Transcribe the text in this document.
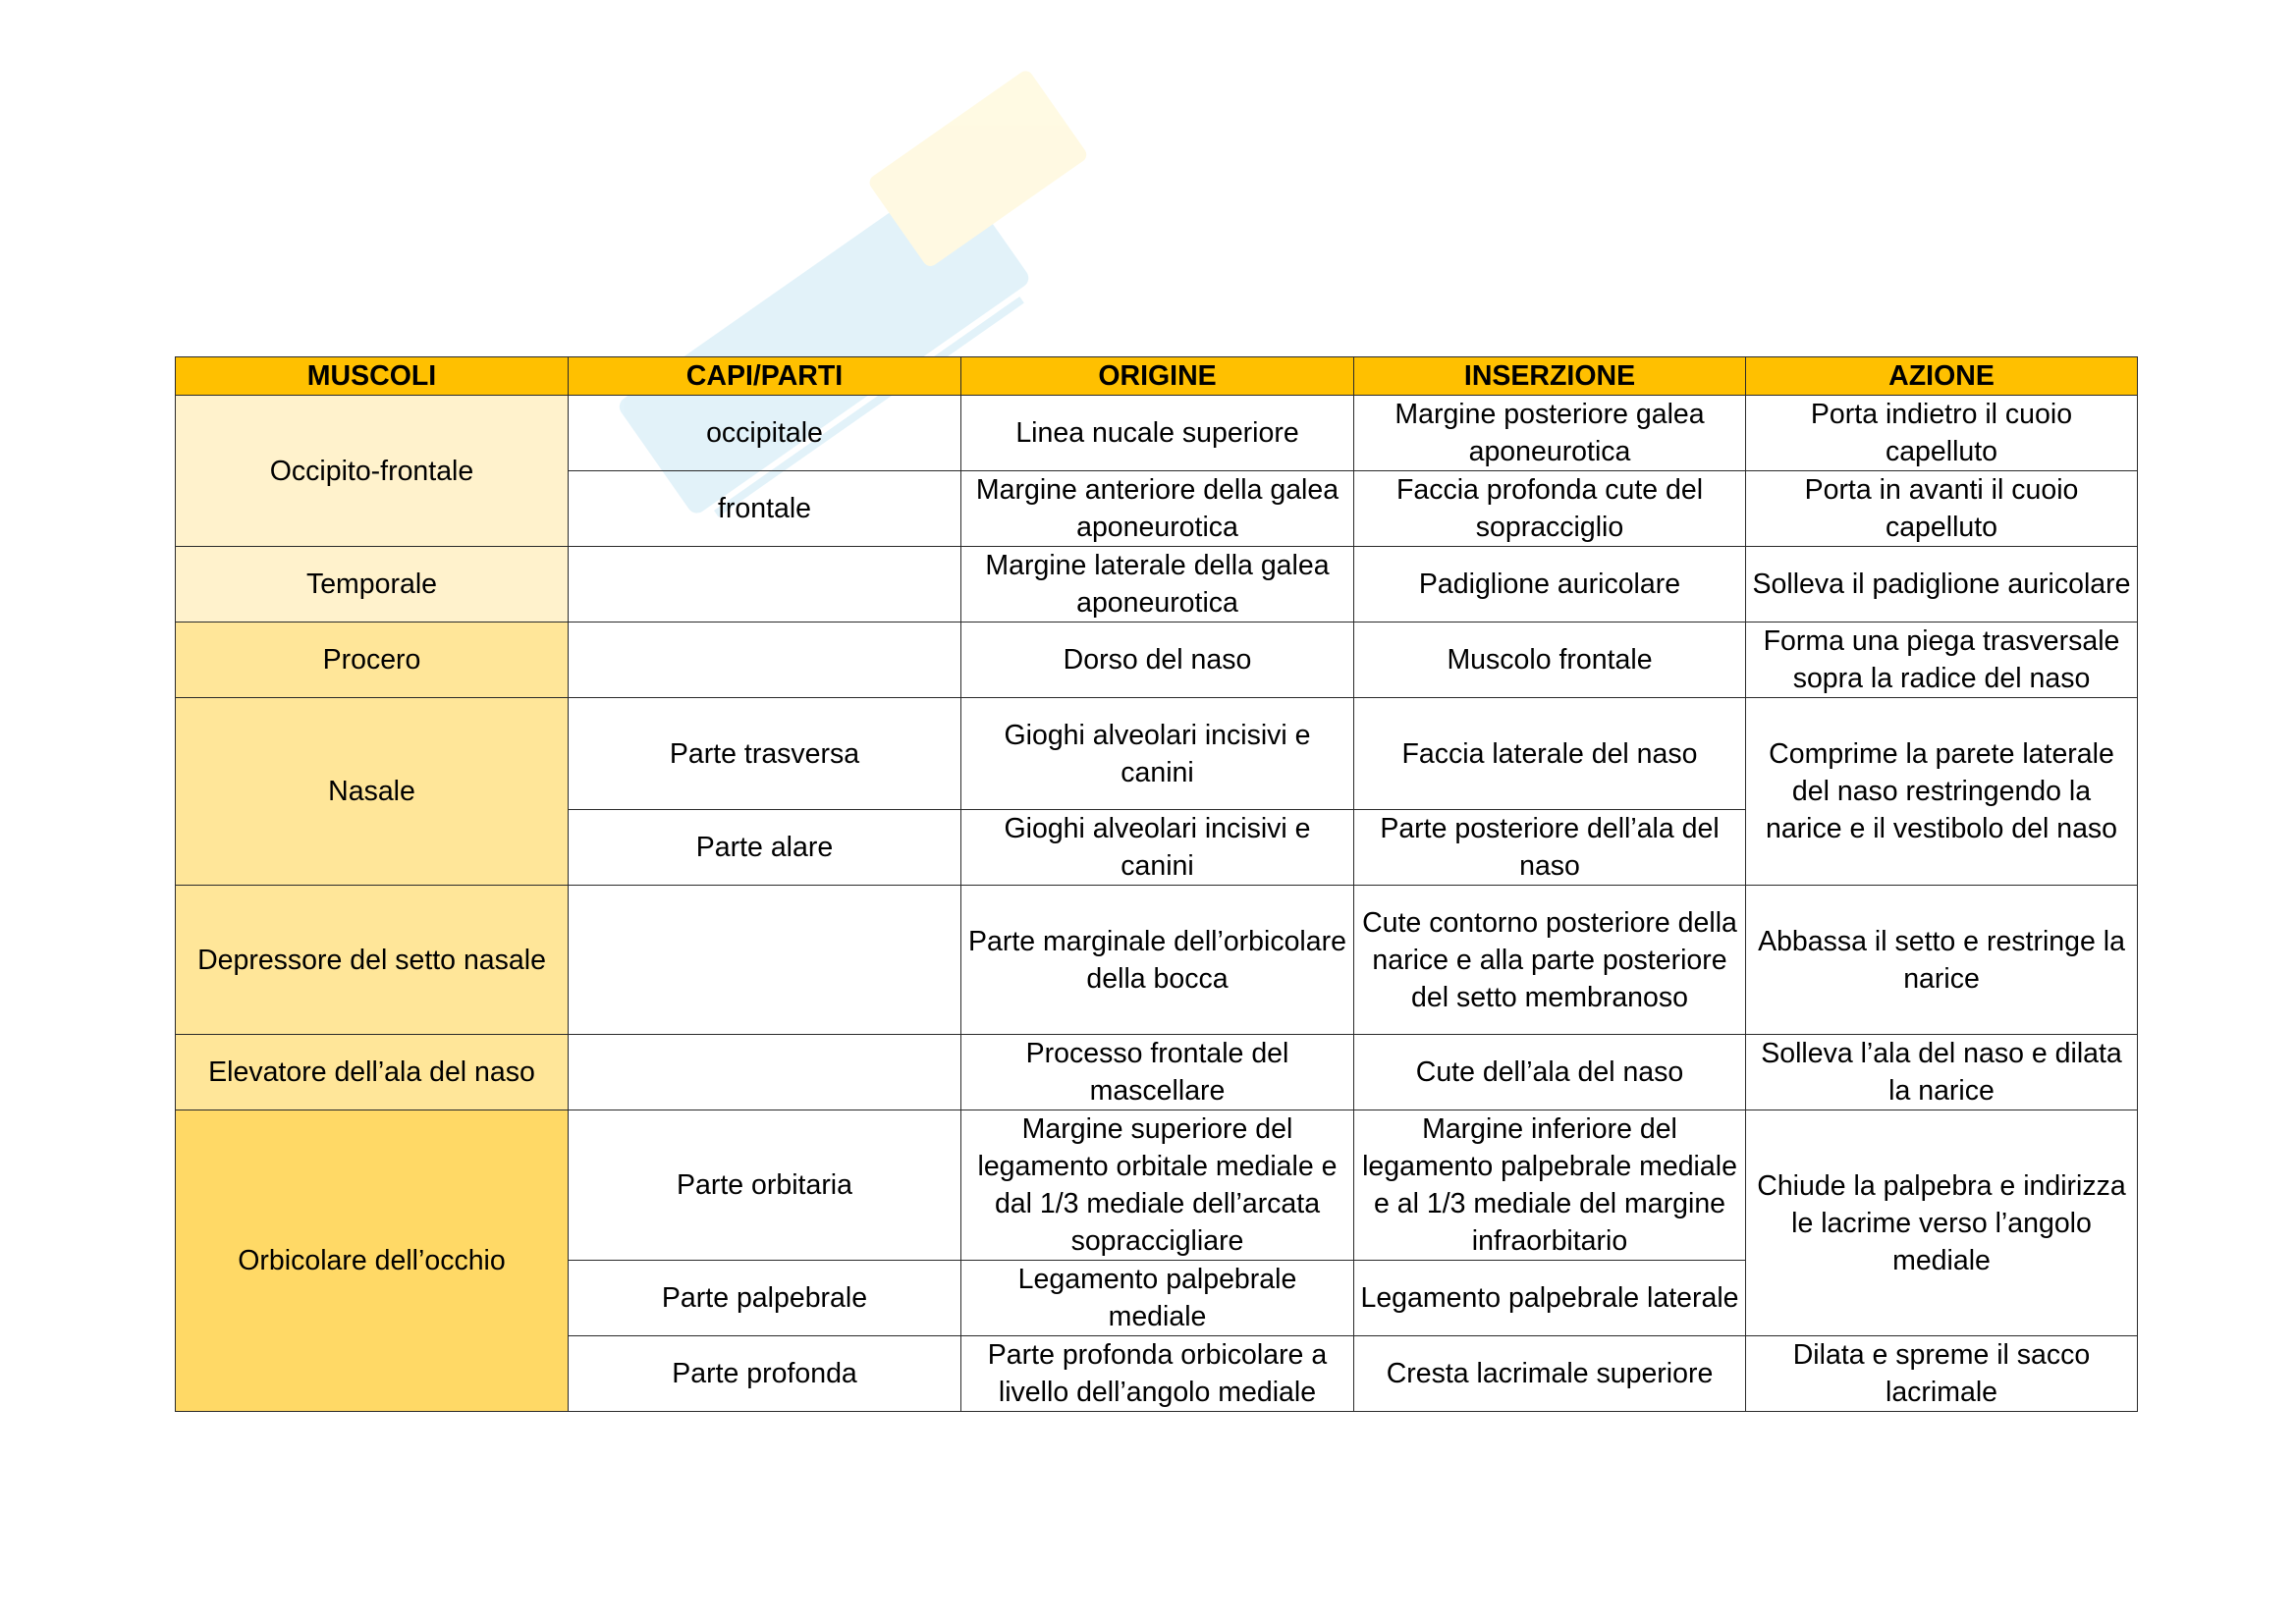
MUSCOLI	CAPI/PARTI	ORIGINE	INSERZIONE	AZIONE
Occipito-frontale	occipitale	Linea nucale superiore	Margine posteriore galea aponeurotica	Porta indietro il cuoio capelluto
	frontale	Margine anteriore della galea aponeurotica	Faccia profonda cute del sopracciglio	Porta in avanti il cuoio capelluto
Temporale		Margine laterale della galea aponeurotica	Padiglione auricolare	Solleva il padiglione auricolare
Procero		Dorso del naso	Muscolo frontale	Forma una piega trasversale sopra la radice del naso
Nasale	Parte trasversa	Gioghi alveolari incisivi e canini	Faccia laterale del naso	Comprime la parete laterale del naso restringendo la narice e il vestibolo del naso
	Parte alare	Gioghi alveolari incisivi e canini	Parte posteriore dell’ala del naso	
Depressore del setto nasale		Parte marginale dell’orbicolare della bocca	Cute contorno posteriore della narice e alla parte posteriore del setto membranoso	Abbassa il setto e restringe la narice
Elevatore dell’ala del naso		Processo frontale del mascellare	Cute dell’ala del naso	Solleva l’ala del naso e dilata la narice
Orbicolare dell’occhio	Parte orbitaria	Margine superiore del legamento orbitale mediale e dal 1/3 mediale dell’arcata sopraccigliare	Margine inferiore del legamento palpebrale mediale e al 1/3 mediale del margine infraorbitario	Chiude la palpebra e indirizza le lacrime verso l’angolo mediale
	Parte palpebrale	Legamento palpebrale mediale	Legamento palpebrale laterale	
	Parte profonda	Parte profonda orbicolare a livello dell’angolo mediale	Cresta lacrimale superiore	Dilata e spreme il sacco lacrimale
